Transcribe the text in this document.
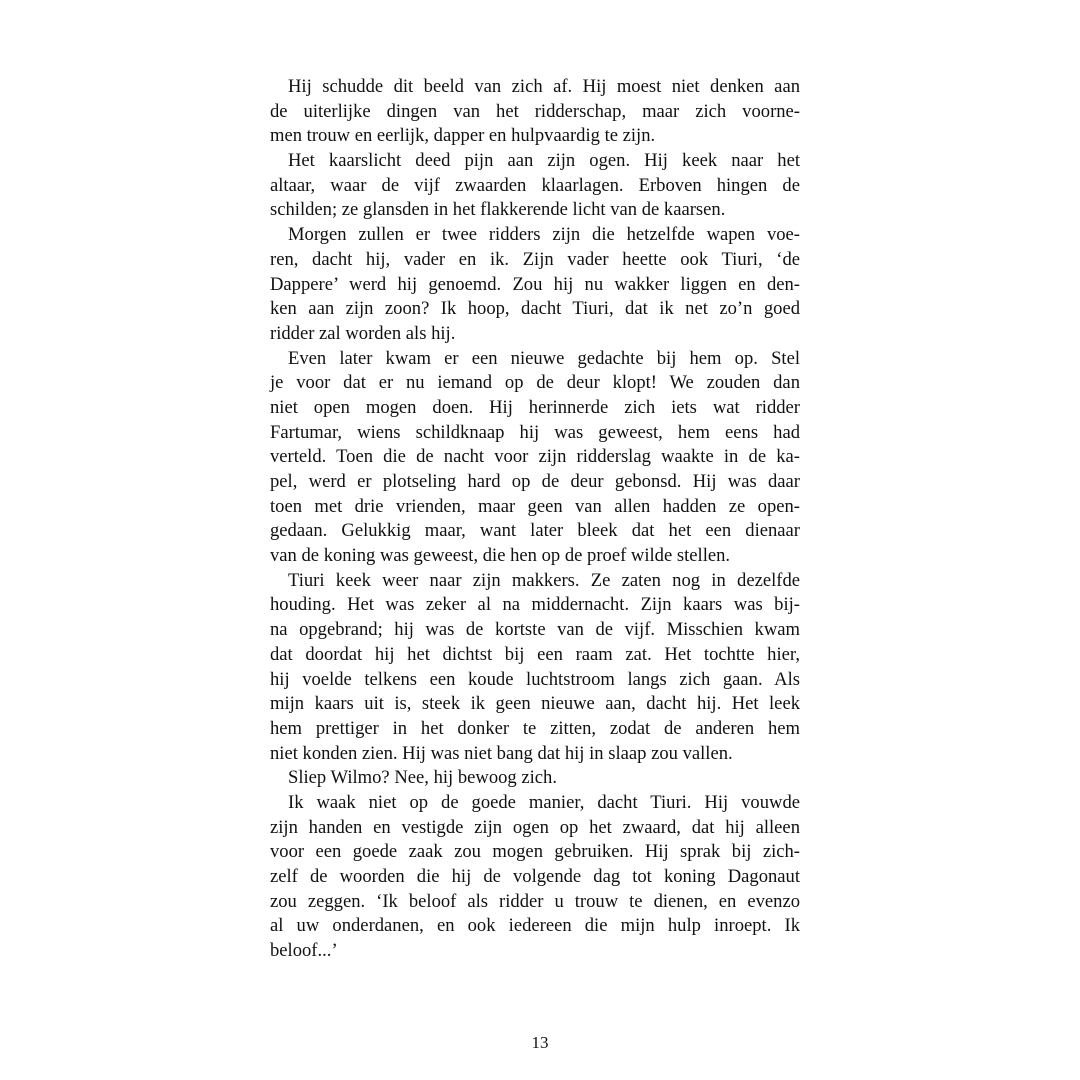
Hij schudde dit beeld van zich af. Hij moest niet denken aan
de uiterlijke dingen van het ridderschap, maar zich voorne-
men trouw en eerlijk, dapper en hulpvaardig te zijn.
Het kaarslicht deed pijn aan zijn ogen. Hij keek naar het
altaar, waar de vijf zwaarden klaarlagen. Erboven hingen de
schilden; ze glansden in het flakkerende licht van de kaarsen.
Morgen zullen er twee ridders zijn die hetzelfde wapen voe-
ren, dacht hij, vader en ik. Zijn vader heette ook Tiuri, ‘de
Dappere’ werd hij genoemd. Zou hij nu wakker liggen en den-
ken aan zijn zoon? Ik hoop, dacht Tiuri, dat ik net zo’n goed
ridder zal worden als hij.
Even later kwam er een nieuwe gedachte bij hem op. Stel
je voor dat er nu iemand op de deur klopt! We zouden dan
niet open mogen doen. Hij herinnerde zich iets wat ridder
Fartumar, wiens schildknaap hij was geweest, hem eens had
verteld. Toen die de nacht voor zijn ridderslag waakte in de ka-
pel, werd er plotseling hard op de deur gebonsd. Hij was daar
toen met drie vrienden, maar geen van allen hadden ze open-
gedaan. Gelukkig maar, want later bleek dat het een dienaar
van de koning was geweest, die hen op de proef wilde stellen.
Tiuri keek weer naar zijn makkers. Ze zaten nog in dezelfde
houding. Het was zeker al na middernacht. Zijn kaars was bij-
na opgebrand; hij was de kortste van de vijf. Misschien kwam
dat doordat hij het dichtst bij een raam zat. Het tochtte hier,
hij voelde telkens een koude luchtstroom langs zich gaan. Als
mijn kaars uit is, steek ik geen nieuwe aan, dacht hij. Het leek
hem prettiger in het donker te zitten, zodat de anderen hem
niet konden zien. Hij was niet bang dat hij in slaap zou vallen.
Sliep Wilmo? Nee, hij bewoog zich.
Ik waak niet op de goede manier, dacht Tiuri. Hij vouwde
zijn handen en vestigde zijn ogen op het zwaard, dat hij alleen
voor een goede zaak zou mogen gebruiken. Hij sprak bij zich-
zelf de woorden die hij de volgende dag tot koning Dagonaut
zou zeggen. ‘Ik beloof als ridder u trouw te dienen, en evenzo
al uw onderdanen, en ook iedereen die mijn hulp inroept. Ik
beloof...’
13
